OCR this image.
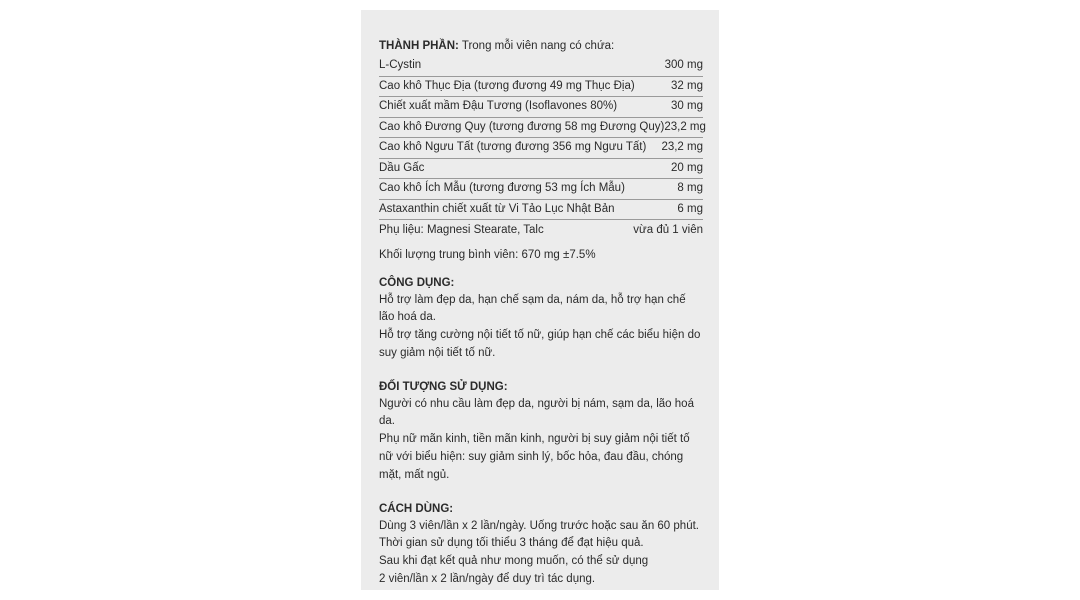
THÀNH PHẦN: Trong mỗi viên nang có chứa:
L-Cystin	300 mg
Cao khô Thục Địa (tương đương 49 mg Thục Địa)	32 mg
Chiết xuất mầm Đậu Tương (Isoflavones 80%)	30 mg
Cao khô Đương Quy (tương đương 58 mg Đương Quy) 23,2 mg
Cao khô Ngưu Tất (tương đương 356 mg Ngưu Tất) 23,2 mg
Dầu Gấc	20 mg
Cao khô Ích Mẫu (tương đương 53 mg Ích Mẫu)	8 mg
Astaxanthin chiết xuất từ Vi Tảo Lục Nhật Bản	6 mg
Phụ liệu: Magnesi Stearate, Talc	vừa đủ 1 viên
Khối lượng trung bình viên: 670 mg ±7.5%
CÔNG DỤNG:
Hỗ trợ làm đẹp da, hạn chế sạm da, nám da, hỗ trợ hạn chế lão hoá da.
Hỗ trợ tăng cường nội tiết tố nữ, giúp hạn chế các biểu hiện do suy giảm nội tiết tố nữ.
ĐỐI TƯỢNG SỬ DỤNG:
Người có nhu cầu làm đẹp da, người bị nám, sạm da, lão hoá da.
Phụ nữ mãn kinh, tiền mãn kinh, người bị suy giảm nội tiết tố nữ với biểu hiện: suy giảm sinh lý, bốc hỏa, đau đầu, chóng mặt, mất ngủ.
CÁCH DÙNG:
Dùng 3 viên/lần x 2 lần/ngày. Uống trước hoặc sau ăn 60 phút.
Thời gian sử dụng tối thiểu 3 tháng để đạt hiệu quả.
Sau khi đạt kết quả như mong muốn, có thể sử dụng
2 viên/lần x 2 lần/ngày để duy trì tác dụng.
